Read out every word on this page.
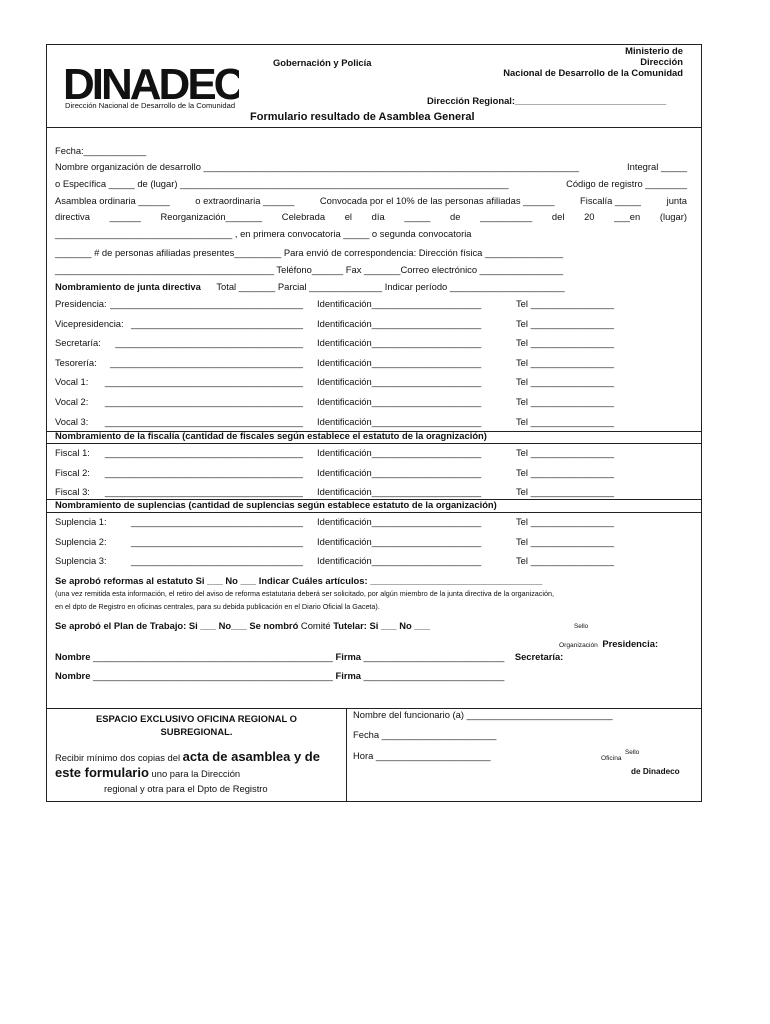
DINADEC
Dirección Nacional de Desarrollo de la Comunidad
Gobernación y Policía
Ministerio de
Dirección
Nacional de Desarrollo de la Comunidad
Dirección Regional:_____________________________
Formulario resultado de Asamblea General
Fecha:____________
Nombre organización de desarrollo ________________________________________________________________________	Integral _____
o Específica _____ de (lugar) _______________________________________________________________	Código de registro ________
Asamblea ordinaria ______	o extraordinaria ______	Convocada por el 10% de las personas afiliadas ______	Fiscalía _____	junta
directiva ______ Reorganización_______ Celebrada el día _____ de __________ del 20 ___en (lugar)
__________________________________ , en primera convocatoria _____ o segunda convocatoria
_______ # de personas afiliadas presentes_________ Para envió de correspondencia: Dirección física _______________
__________________________________________ Teléfono______ Fax _______Correo electrónico ________________
Nombramiento de junta directiva Total _______ Parcial ______________ Indicar período ______________________
Presidencia: _____________________________________ Identificación_____________________	Tel ________________
Vicepresidencia: _________________________________ Identificación_____________________	Tel ________________
Secretaría: ____________________________________ Identificación_____________________	Tel ________________
Tesorería: _____________________________________ Identificación_____________________	Tel ________________
Vocal 1: ______________________________________ Identificación_____________________	Tel ________________
Vocal 2: ______________________________________ Identificación_____________________	Tel ________________
Vocal 3: ______________________________________ Identificación_____________________	Tel ________________
Nombramiento de la fiscalía (cantidad de fiscales según establece el estatuto de la oragnización)
Fiscal 1: ______________________________________ Identificación_____________________	Tel ________________
Fiscal 2: ______________________________________ Identificación_____________________	Tel ________________
Fiscal 3: ______________________________________ Identificación_____________________	Tel ________________
Nombramiento de suplencias (cantidad de suplencias según establece estatuto de la organización)
Suplencia 1:	_________________________________ Identificación_____________________	Tel ________________
Suplencia 2:	_________________________________ Identificación_____________________	Tel ________________
Suplencia 3:	_________________________________ Identificación_____________________	Tel ________________
Se aprobó reformas al estatuto Si ___ No ___ Indicar Cuáles artículos: _________________________________
(una vez remitida esta información, el retiro del aviso de reforma estatutaria deberá ser solicitado, por algún miembro de la junta directiva de la organización,
en el dpto de Registro en oficinas centrales, para su debida publicación en el Diario Oficial la Gaceta).
Se aprobó el Plan de Trabajo: Si ___ No___ Se nombró Comité Tutelar: Si ___ No ___	Sello
Organización Presidencia:
Nombre ______________________________________________ Firma ___________________________ Secretaría:
Nombre ______________________________________________ Firma ___________________________
ESPACIO EXCLUSIVO OFICINA REGIONAL O
SUBREGIONAL.
Recibir mínimo dos copias del acta de asamblea y de
este formulario uno para la Dirección
regional y otra para el Dpto de Registro
Nombre del funcionario (a) ____________________________
Fecha ______________________
Hora ______________________	Sello
Oficina
de Dinadeco
